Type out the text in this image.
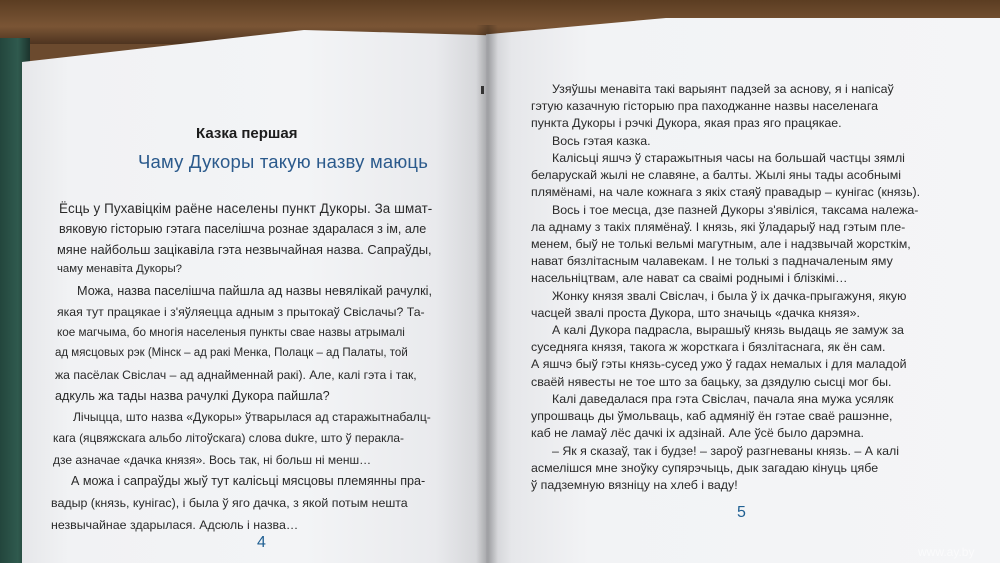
Казка першая
Чаму Дукоры такую назву маюць
Ёсць у Пухавіцкім раёне населены пункт Дукоры. За шмат-
вяковую гісторыю гэтага паселішча рознае здаралася з ім, але
мяне найбольш зацікавіла гэта незвычайная назва. Сапраўды,
чаму менавіта Дукоры?
Можа, назва паселішча пайшла ад назвы невялікай рачулкі,
якая тут працякае і з'яўляецца адным з прытокаў Свіслачы? Та-
кое магчыма, бо многія населеныя пункты свае назвы атрымалі
ад мясцовых рэк (Мінск – ад ракі Менка, Полацк – ад Палаты, той
жа пасёлак Свіслач – ад аднайменнай ракі). Але, калі гэта і так,
адкуль жа тады назва рачулкі Дукора пайшла?
Лічыцца, што назва «Дукоры» ўтварылася ад старажытнабалц-
кага (яцвяжскага альбо літоўскага) слова dukre, што ў перакла-
дзе азначае «дачка князя». Вось так, ні больш ні менш…
А можа і сапраўды жыў тут калісьці мясцовы племянны пра-
вадыр (князь, кунігас), і была ў яго дачка, з якой потым нешта
незвычайнае здарылася. Адсюль і назва…
4
5
www.ay.by
Узяўшы менавіта такі варыянт падзей за аснову, я і напісаў
гэтую казачную гісторыю пра паходжанне назвы населенага
пункта Дукоры і рэчкі Дукора, якая праз яго працякае.
Вось гэтая казка.
Калісьці яшчэ ў старажытныя часы на большай частцы зямлі
беларускай жылі не славяне, а балты. Жылі яны тады асобнымі
плямёнамі, на чале кожнага з якіх стаяў правадыр – кунігас (князь).
Вось і тое месца, дзе пазней Дукоры з'явіліся, таксама належа-
ла аднаму з такіх плямёнаў. І князь, які ўладарыў над гэтым пле-
менем, быў не толькі вельмі магутным, але і надзвычай жорсткім,
нават бязлітасным чалавекам. І не толькі з падначаленым яму
насельніцтвам, але нават са сваімі роднымі і блізкімі…
Жонку князя звалі Свіслач, і была ў іх дачка-прыгажуня, якую
часцей звалі проста Дукора, што значыць «дачка князя».
А калі Дукора падрасла, вырашыў князь выдаць яе замуж за
суседняга князя, такога ж жорсткага і бязлітаснага, як ён сам.
А яшчэ быў гэты князь-сусед ужо ў гадах немалых і для маладой
сваёй нявесты не тое што за бацьку, за дзядулю сысці мог бы.
Калі даведалася пра гэта Свіслач, пачала яна мужа усяляк
упрошваць ды ўмольваць, каб адмяніў ён гэтае сваё рашэнне,
каб не ламаў лёс дачкі іх адзінай. Але ўсё было дарэмна.
– Як я сказаў, так і будзе! – зароў разгневаны князь. – А калі
асмелішся мне зноўку супярэчыць, дык загадаю кінуць цябе
ў падземную вязніцу на хлеб і ваду!
